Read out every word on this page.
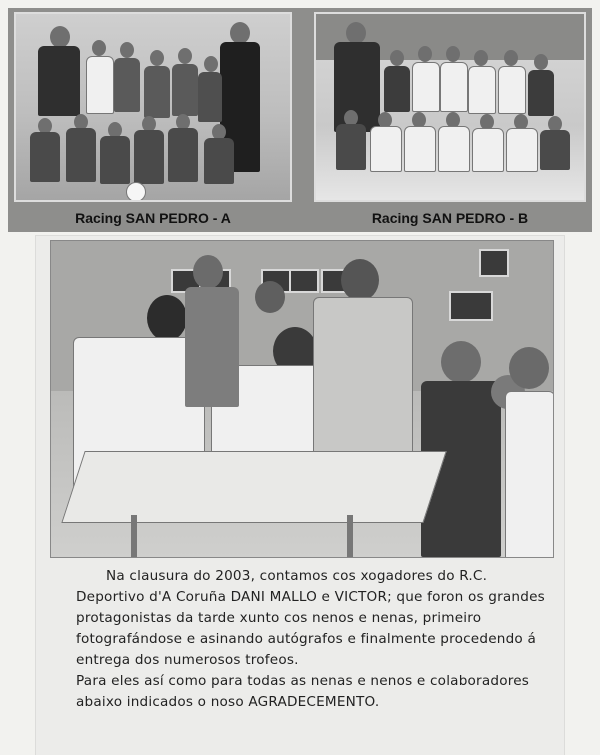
Racing SAN PEDRO - A	Racing SAN PEDRO - B

Na clausura do 2003, contamos cos xogadores do R.C. Deportivo d'A Coruña DANI MALLO e VICTOR; que foron os grandes protagonistas da tarde xunto cos nenos e nenas, primeiro fotografándose e asinando autógrafos e finalmente procedendo á entrega dos numerosos trofeos.

Para eles así como para todas as nenas e nenos e colaboradores abaixo indicados o noso AGRADECEMENTO.
